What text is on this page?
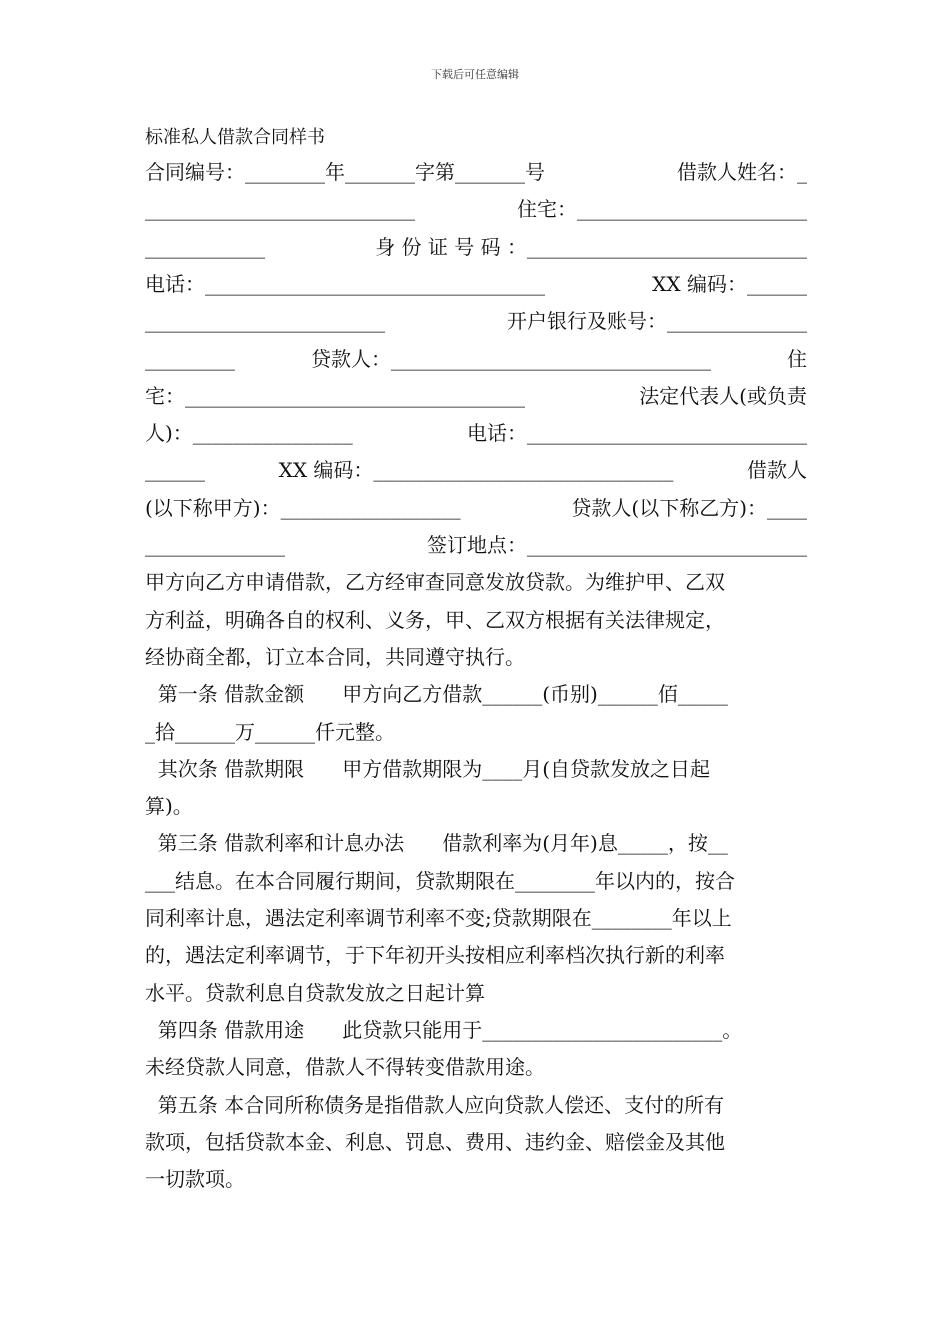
下载后可任意编辑
标准私人借款合同样书
合同编号：________年_______字第_______号	借款人姓名：_
___________________________	住宅：_______________________
____________	身 份 证 号 码 ：____________________________
电话：__________________________________	XX 编码：______
________________________	开户银行及账号：______________
_________	贷款人：________________________________	住
宅：__________________________________	法定代表人(或负责
人)：________________	电话：____________________________
______	XX 编码：______________________________	借款人
(以下称甲方)：__________________	贷款人(以下称乙方)：____
______________	签订地点：____________________________
甲方向乙方申请借款，乙方经审查同意发放贷款。为维护甲、乙双
方利益，明确各自的权利、义务，甲、乙双方根据有关法律规定，
经协商全都，订立本合同，共同遵守执行。
第一条 借款金额      甲方向乙方借款______(币别)______佰_____
_拾______万______仟元整。
其次条 借款期限      甲方借款期限为____月(自贷款发放之日起
算)。
第三条 借款利率和计息办法      借款利率为(月年)息_____，按__
___结息。在本合同履行期间，贷款期限在________年以内的，按合
同利率计息，遇法定利率调节利率不变;贷款期限在________年以上
的，遇法定利率调节，于下年初开头按相应利率档次执行新的利率
水平。贷款利息自贷款发放之日起计算
第四条 借款用途      此贷款只能用于________________________。
未经贷款人同意，借款人不得转变借款用途。
第五条 本合同所称债务是指借款人应向贷款人偿还、支付的所有
款项，包括贷款本金、利息、罚息、费用、违约金、赔偿金及其他
一切款项。
